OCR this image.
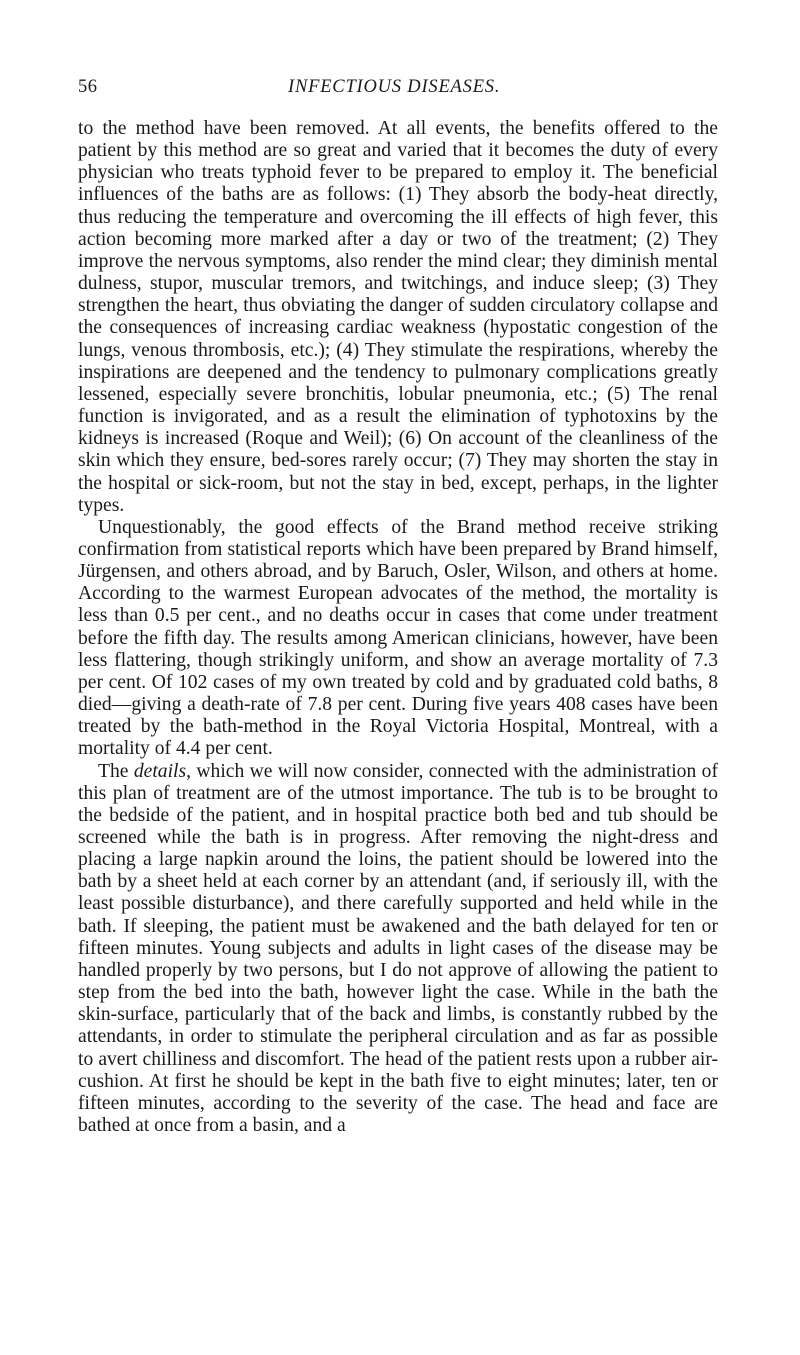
56	INFECTIOUS DISEASES.

to the method have been removed. At all events, the benefits offered to the patient by this method are so great and varied that it becomes the duty of every physician who treats typhoid fever to be prepared to employ it. The beneficial influences of the baths are as follows: (1) They absorb the body-heat directly, thus reducing the temperature and overcoming the ill effects of high fever, this action becoming more marked after a day or two of the treatment; (2) They improve the nervous symptoms, also render the mind clear; they diminish mental dulness, stupor, muscular tremors, and twitchings, and induce sleep; (3) They strengthen the heart, thus obviating the danger of sudden circulatory collapse and the consequences of increasing cardiac weakness (hypostatic congestion of the lungs, venous thrombosis, etc.); (4) They stimulate the respirations, whereby the inspirations are deepened and the tendency to pulmonary complications greatly lessened, especially severe bronchitis, lobular pneumonia, etc.; (5) The renal function is invigorated, and as a result the elimination of typhotoxins by the kidneys is increased (Roque and Weil); (6) On account of the cleanliness of the skin which they ensure, bed-sores rarely occur; (7) They may shorten the stay in the hospital or sick-room, but not the stay in bed, except, perhaps, in the lighter types.

Unquestionably, the good effects of the Brand method receive striking confirmation from statistical reports which have been prepared by Brand himself, Jürgensen, and others abroad, and by Baruch, Osler, Wilson, and others at home. According to the warmest European advocates of the method, the mortality is less than 0.5 per cent., and no deaths occur in cases that come under treatment before the fifth day. The results among American clinicians, however, have been less flattering, though strikingly uniform, and show an average mortality of 7.3 per cent. Of 102 cases of my own treated by cold and by graduated cold baths, 8 died—giving a death-rate of 7.8 per cent. During five years 408 cases have been treated by the bath-method in the Royal Victoria Hospital, Montreal, with a mortality of 4.4 per cent.

The details, which we will now consider, connected with the administration of this plan of treatment are of the utmost importance. The tub is to be brought to the bedside of the patient, and in hospital practice both bed and tub should be screened while the bath is in progress. After removing the night-dress and placing a large napkin around the loins, the patient should be lowered into the bath by a sheet held at each corner by an attendant (and, if seriously ill, with the least possible disturbance), and there carefully supported and held while in the bath. If sleeping, the patient must be awakened and the bath delayed for ten or fifteen minutes. Young subjects and adults in light cases of the disease may be handled properly by two persons, but I do not approve of allowing the patient to step from the bed into the bath, however light the case. While in the bath the skin-surface, particularly that of the back and limbs, is constantly rubbed by the attendants, in order to stimulate the peripheral circulation and as far as possible to avert chilliness and discomfort. The head of the patient rests upon a rubber air-cushion. At first he should be kept in the bath five to eight minutes; later, ten or fifteen minutes, according to the severity of the case. The head and face are bathed at once from a basin, and a
